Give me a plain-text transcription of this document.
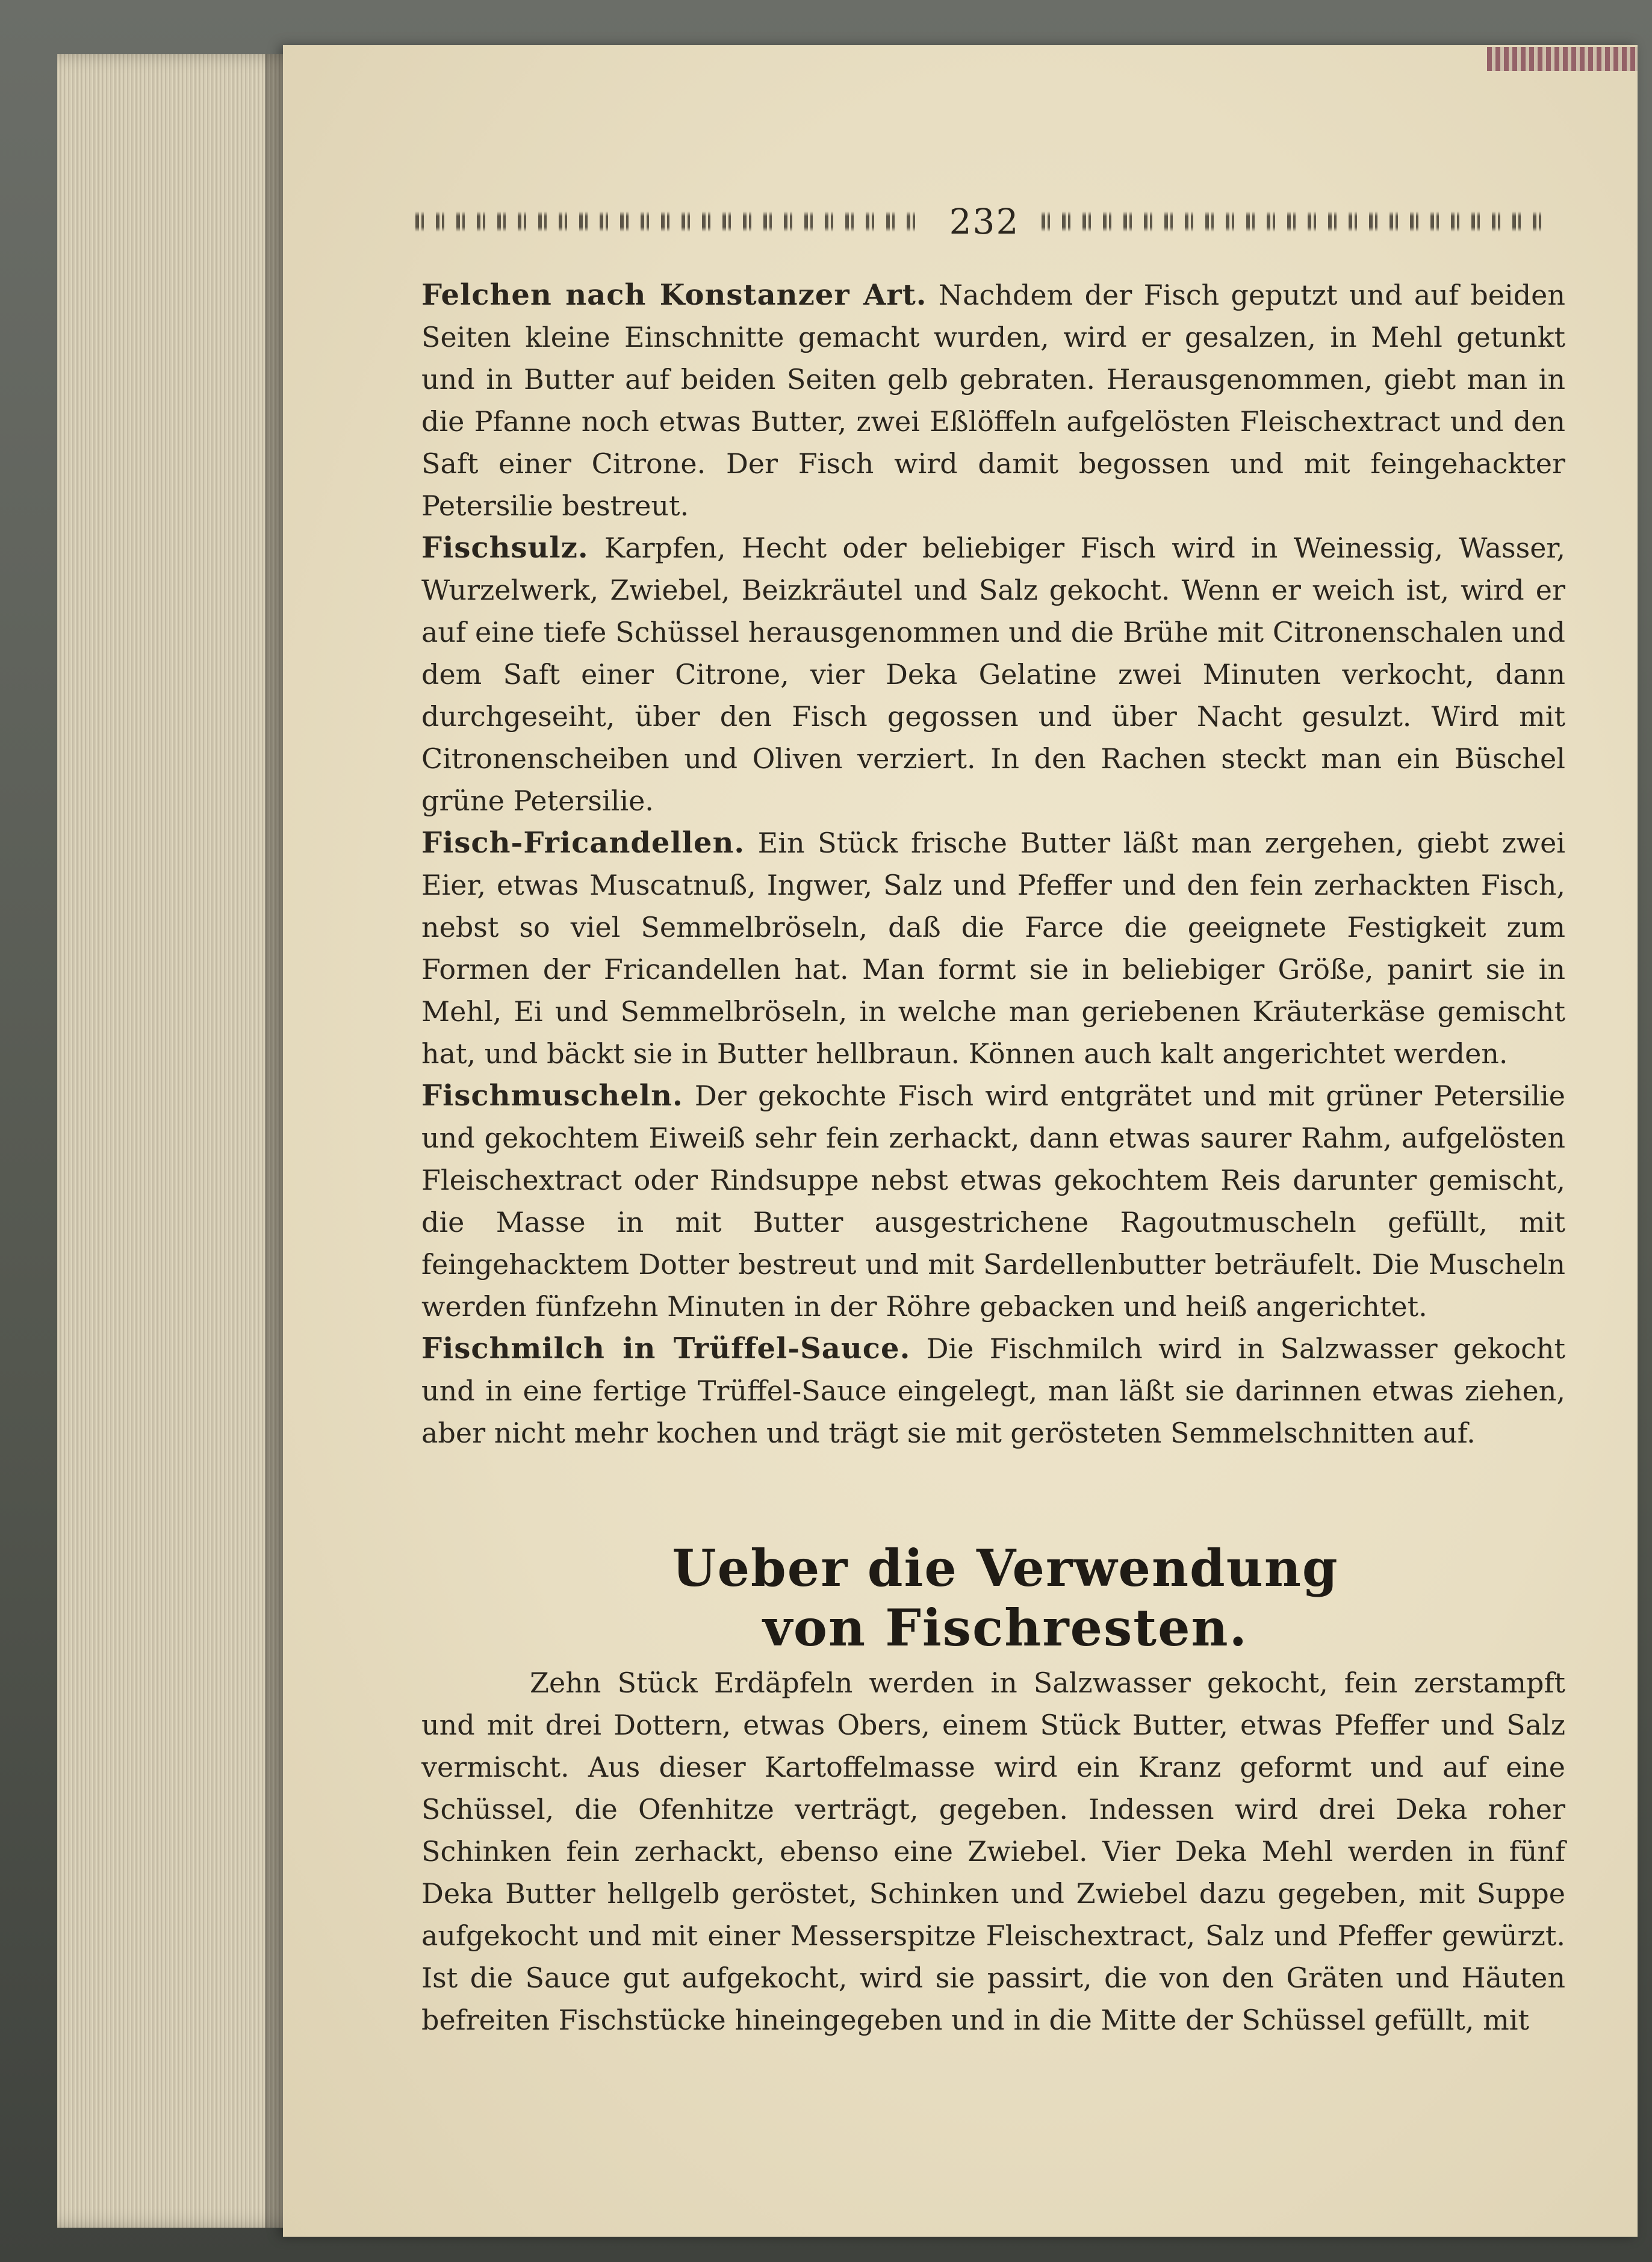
232

Felchen nach Konstanzer Art. Nachdem der Fisch geputzt und auf beiden Seiten kleine Einschnitte gemacht wurden, wird er gesalzen, in Mehl getunkt und in Butter auf beiden Seiten gelb gebraten. Herausgenommen, giebt man in die Pfanne noch etwas Butter, zwei Eßlöffeln aufgelösten Fleischextract und den Saft einer Citrone. Der Fisch wird damit begossen und mit feingehackter Petersilie bestreut.

Fischsulz. Karpfen, Hecht oder beliebiger Fisch wird in Weinessig, Wasser, Wurzelwerk, Zwiebel, Beizkräutel und Salz gekocht. Wenn er weich ist, wird er auf eine tiefe Schüssel herausgenommen und die Brühe mit Citronenschalen und dem Saft einer Citrone, vier Deka Gelatine zwei Minuten verkocht, dann durchgeseiht, über den Fisch gegossen und über Nacht gesulzt. Wird mit Citronenscheiben und Oliven verziert. In den Rachen steckt man ein Büschel grüne Petersilie.

Fisch-Fricandellen. Ein Stück frische Butter läßt man zergehen, giebt zwei Eier, etwas Muscatnuß, Ingwer, Salz und Pfeffer und den fein zerhackten Fisch, nebst so viel Semmelbröseln, daß die Farce die geeignete Festigkeit zum Formen der Fricandellen hat. Man formt sie in beliebiger Größe, panirt sie in Mehl, Ei und Semmelbröseln, in welche man geriebenen Kräuterkäse gemischt hat, und bäckt sie in Butter hellbraun. Können auch kalt angerichtet werden.

Fischmuscheln. Der gekochte Fisch wird entgrätet und mit grüner Petersilie und gekochtem Eiweiß sehr fein zerhackt, dann etwas saurer Rahm, aufgelösten Fleischextract oder Rindsuppe nebst etwas gekochtem Reis darunter gemischt, die Masse in mit Butter ausgestrichene Ragoutmuscheln gefüllt, mit feingehacktem Dotter bestreut und mit Sardellenbutter beträufelt. Die Muscheln werden fünfzehn Minuten in der Röhre gebacken und heiß angerichtet.

Fischmilch in Trüffel-Sauce. Die Fischmilch wird in Salzwasser gekocht und in eine fertige Trüffel-Sauce eingelegt, man läßt sie darinnen etwas ziehen, aber nicht mehr kochen und trägt sie mit gerösteten Semmelschnitten auf.

Ueber die Verwendung von Fischresten.

Zehn Stück Erdäpfeln werden in Salzwasser gekocht, fein zerstampft und mit drei Dottern, etwas Obers, einem Stück Butter, etwas Pfeffer und Salz vermischt. Aus dieser Kartoffelmasse wird ein Kranz geformt und auf eine Schüssel, die Ofenhitze verträgt, gegeben. Indessen wird drei Deka roher Schinken fein zerhackt, ebenso eine Zwiebel. Vier Deka Mehl werden in fünf Deka Butter hellgelb geröstet, Schinken und Zwiebel dazu gegeben, mit Suppe aufgekocht und mit einer Messerspitze Fleischextract, Salz und Pfeffer gewürzt. Ist die Sauce gut aufgekocht, wird sie passirt, die von den Gräten und Häuten befreiten Fischstücke hineingegeben und in die Mitte der Schüssel gefüllt, mit
